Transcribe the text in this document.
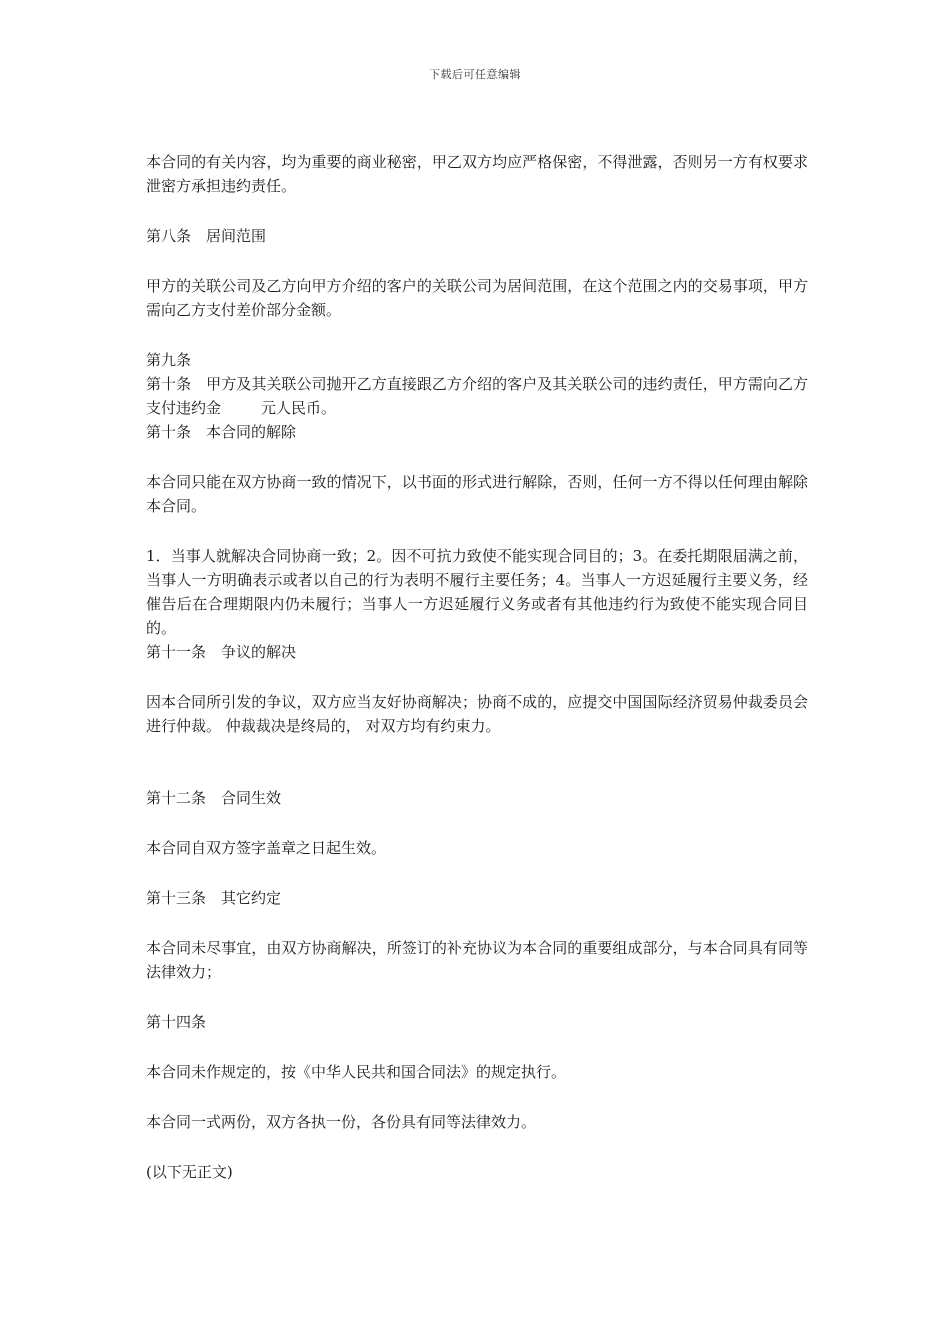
下载后可任意编辑

本合同的有关内容，均为重要的商业秘密，甲乙双方均应严格保密，不得泄露，否则另一方有权要求泄密方承担违约责任。

第八条　居间范围

甲方的关联公司及乙方向甲方介绍的客户的关联公司为居间范围，在这个范围之内的交易事项，甲方需向乙方支付差价部分金额。

第九条

第十条　甲方及其关联公司抛开乙方直接跟乙方介绍的客户及其关联公司的违约责任，甲方需向乙方支付违约金	元人民币。

第十条　本合同的解除

本合同只能在双方协商一致的情况下，以书面的形式进行解除，否则，任何一方不得以任何理由解除本合同。

1．当事人就解决合同协商一致；2。因不可抗力致使不能实现合同目的；3。在委托期限届满之前，当事人一方明确表示或者以自己的行为表明不履行主要任务；4。当事人一方迟延履行主要义务，经催告后在合理期限内仍未履行；当事人一方迟延履行义务或者有其他违约行为致使不能实现合同目的。

第十一条　争议的解决

因本合同所引发的争议，双方应当友好协商解决；协商不成的，应提交中国国际经济贸易仲裁委员会进行仲裁。 仲裁裁决是终局的， 对双方均有约束力。

第十二条　合同生效

本合同自双方签字盖章之日起生效。

第十三条　其它约定

本合同未尽事宜，由双方协商解决，所签订的补充协议为本合同的重要组成部分，与本合同具有同等法律效力；

第十四条

本合同未作规定的，按《中华人民共和国合同法》的规定执行。

本合同一式两份，双方各执一份，各份具有同等法律效力。

(以下无正文)
